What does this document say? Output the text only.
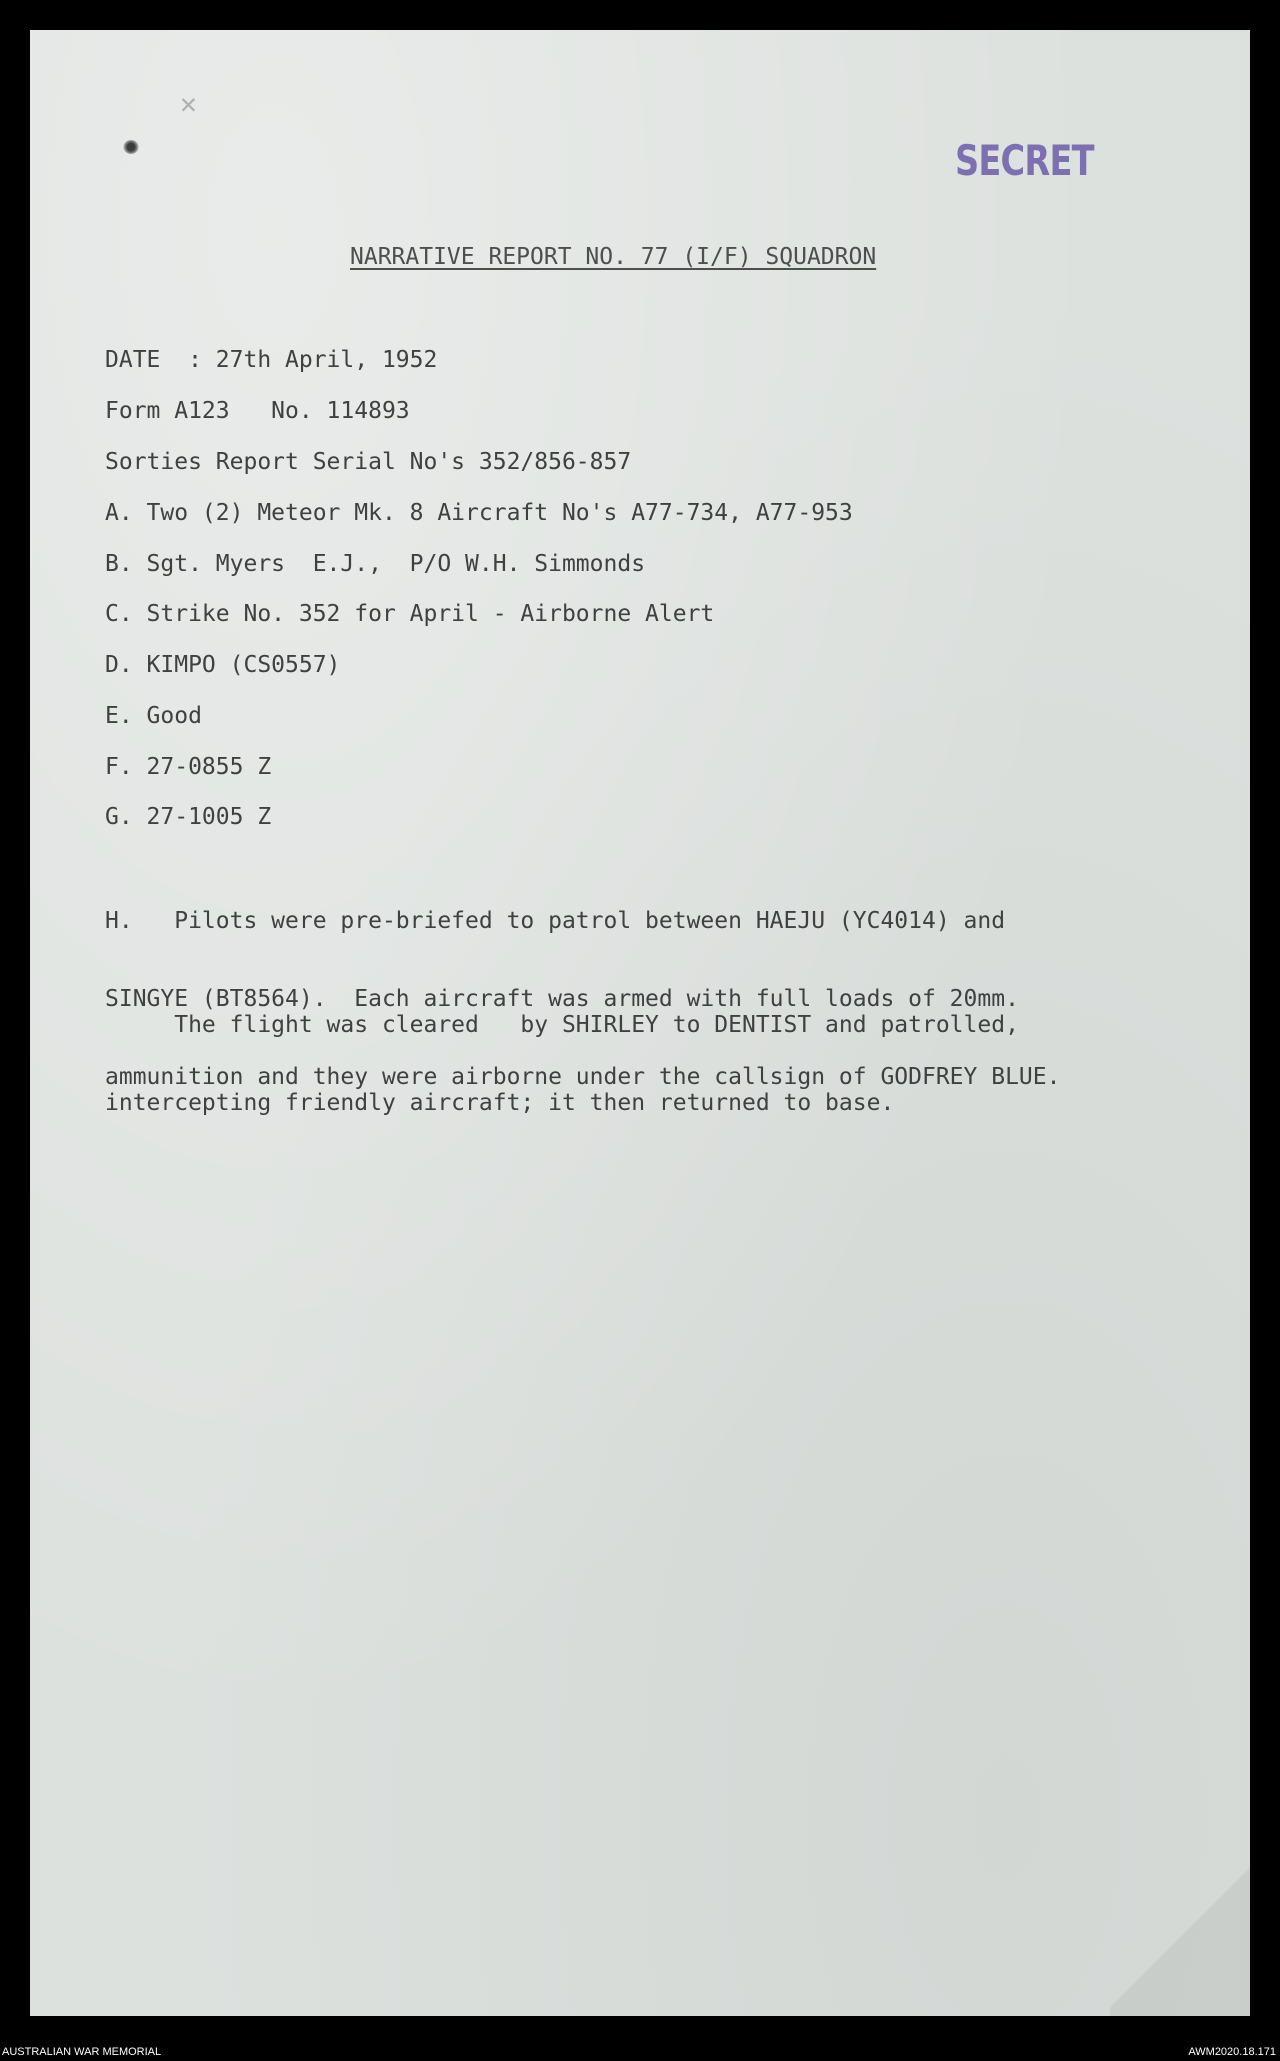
✕
SECRET
NARRATIVE REPORT NO. 77 (I/F) SQUADRON
DATE  : 27th April, 1952
Form A123   No. 114893
Sorties Report Serial No's 352/856-857
A. Two (2) Meteor Mk. 8 Aircraft No's A77-734, A77-953
B. Sgt. Myers  E.J.,  P/O W.H. Simmonds
C. Strike No. 352 for April - Airborne Alert
D. KIMPO (CS0557)
E. Good
F. 27-0855 Z
G. 27-1005 Z

H.   Pilots were pre-briefed to patrol between HAEJU (YC4014) and

SINGYE (BT8564).  Each aircraft was armed with full loads of 20mm.

ammunition and they were airborne under the callsign of GODFREY BLUE.

The flight was cleared   by SHIRLEY to DENTIST and patrolled,

intercepting friendly aircraft; it then returned to base.

AUSTRALIAN WAR MEMORIAL	AWM2020.18.171
